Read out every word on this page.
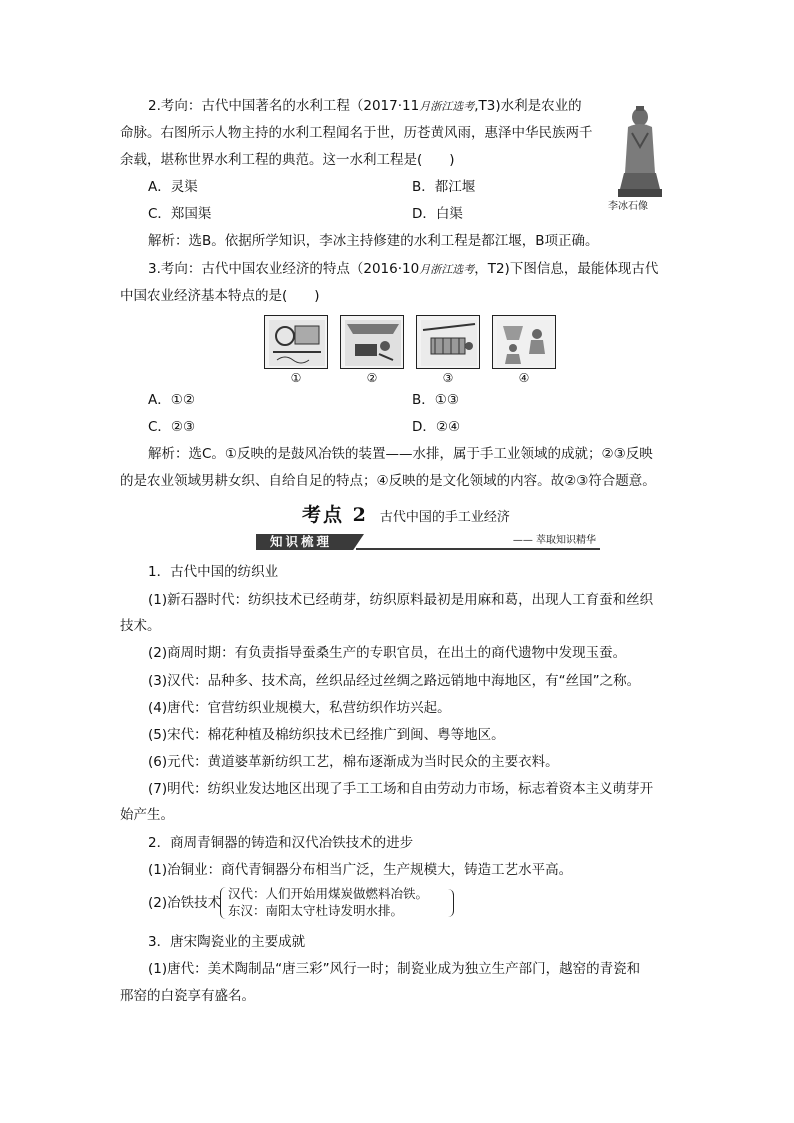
2.考向：古代中国著名的水利工程（2017·11月浙江选考,T3)水利是农业的
命脉。右图所示人物主持的水利工程闻名于世，历苍黄风雨，惠泽中华民族两千
余载，堪称世界水利工程的典范。这一水利工程是(　　)
A．灵渠	B．都江堰
C．郑国渠	D．白渠	李冰石像
解析：选B。依据所学知识，李冰主持修建的水利工程是都江堰，B项正确。
3.考向：古代中国农业经济的特点（2016·10月浙江选考，T2)下图信息，最能体现古代
中国农业经济基本特点的是(　　)
①	②	③	④
A．①②	B．①③
C．②③	D．②④
解析：选C。①反映的是鼓风冶铁的装置——水排，属于手工业领域的成就；②③反映
的是农业领域男耕女织、自给自足的特点；④反映的是文化领域的内容。故②③符合题意。
考点 2 古代中国的手工业经济
知识梳理	—— 萃取知识精华
1．古代中国的纺织业
(1)新石器时代：纺织技术已经萌芽，纺织原料最初是用麻和葛，出现人工育蚕和丝织
技术。
(2)商周时期：有负责指导蚕桑生产的专职官员，在出土的商代遗物中发现玉蚕。
(3)汉代：品种多、技术高，丝织品经过丝绸之路远销地中海地区，有“丝国”之称。
(4)唐代：官营纺织业规模大，私营纺织作坊兴起。
(5)宋代：棉花种植及棉纺织技术已经推广到闽、粤等地区。
(6)元代：黄道婆革新纺织工艺，棉布逐渐成为当时民众的主要衣料。
(7)明代：纺织业发达地区出现了手工工场和自由劳动力市场，标志着资本主义萌芽开
始产生。
2．商周青铜器的铸造和汉代冶铁技术的进步
(1)冶铜业：商代青铜器分布相当广泛，生产规模大，铸造工艺水平高。
(2)冶铁技术
汉代：人们开始用煤炭做燃料冶铁。
东汉：南阳太守杜诗发明水排。
3．唐宋陶瓷业的主要成就
(1)唐代：美术陶制品“唐三彩”风行一时；制瓷业成为独立生产部门，越窑的青瓷和
邢窑的白瓷享有盛名。
